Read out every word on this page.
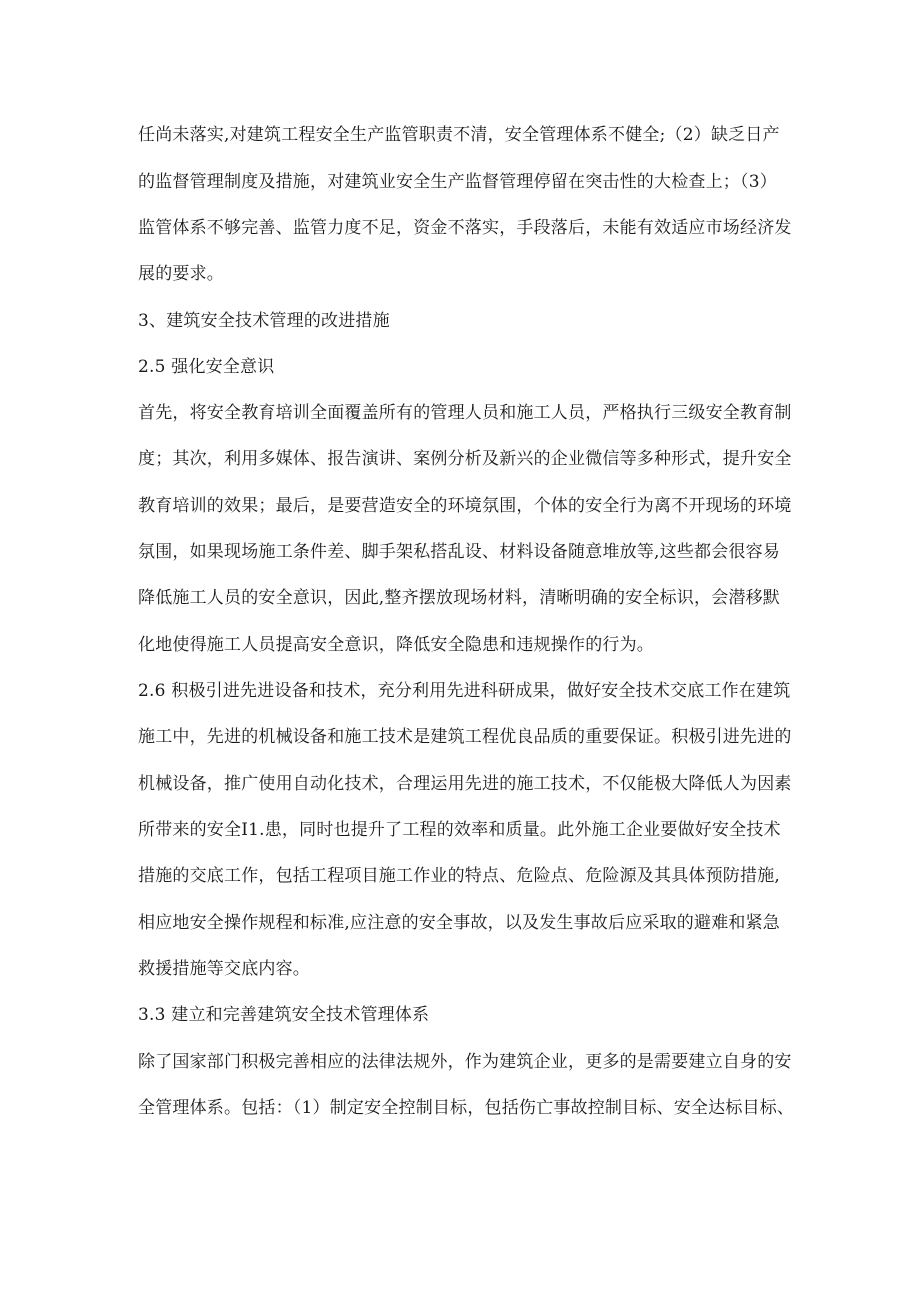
任尚未落实,对建筑工程安全生产监管职责不清，安全管理体系不健全;（2）缺乏日产
的监督管理制度及措施，对建筑业安全生产监督管理停留在突击性的大检查上；（3）
监管体系不够完善、监管力度不足，资金不落实，手段落后，未能有效适应市场经济发
展的要求。
3、建筑安全技术管理的改进措施
2.5 强化安全意识
首先，将安全教育培训全面覆盖所有的管理人员和施工人员，严格执行三级安全教育制
度；其次，利用多媒体、报告演讲、案例分析及新兴的企业微信等多种形式，提升安全
教育培训的效果；最后，是要营造安全的环境氛围，个体的安全行为离不开现场的环境
氛围，如果现场施工条件差、脚手架私搭乱设、材料设备随意堆放等,这些都会很容易
降低施工人员的安全意识，因此,整齐摆放现场材料，清晰明确的安全标识，会潜移默
化地使得施工人员提高安全意识，降低安全隐患和违规操作的行为。
2.6 积极引进先进设备和技术，充分利用先进科研成果，做好安全技术交底工作在建筑
施工中，先进的机械设备和施工技术是建筑工程优良品质的重要保证。积极引进先进的
机械设备，推广使用自动化技术，合理运用先进的施工技术，不仅能极大降低人为因素
所带来的安全I1.患，同时也提升了工程的效率和质量。此外施工企业要做好安全技术
措施的交底工作，包括工程项目施工作业的特点、危险点、危险源及其具体预防措施,
相应地安全操作规程和标准,应注意的安全事故，以及发生事故后应采取的避难和紧急
救援措施等交底内容。
3.3 建立和完善建筑安全技术管理体系
除了国家部门积极完善相应的法律法规外，作为建筑企业，更多的是需要建立自身的安
全管理体系。包括：（1）制定安全控制目标，包括伤亡事故控制目标、安全达标目标、
